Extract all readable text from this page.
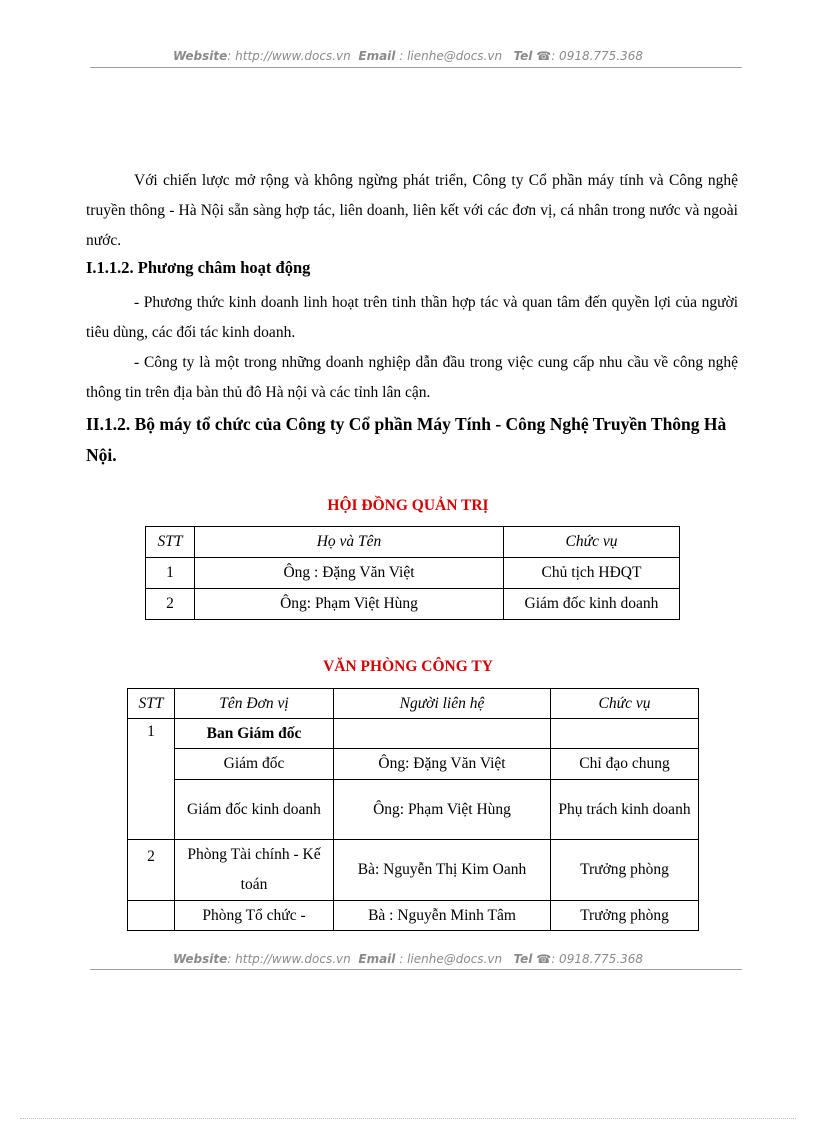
Website: http://www.docs.vn Email : lienhe@docs.vn Tel ☎: 0918.775.368

Với chiến lược mở rộng và không ngừng phát triển, Công ty Cổ phần máy tính và Công nghệ truyền thông - Hà Nội sẵn sàng hợp tác, liên doanh, liên kết với các đơn vị, cá nhân trong nước và ngoài nước.

I.1.1.2. Phương châm hoạt động

- Phương thức kinh doanh linh hoạt trên tinh thần hợp tác và quan tâm đến quyền lợi của người tiêu dùng, các đối tác kinh doanh.

- Công ty là một trong những doanh nghiệp dẫn đầu trong việc cung cấp nhu cầu về công nghệ thông tin trên địa bàn thủ đô Hà nội và các tỉnh lân cận.

II.1.2. Bộ máy tổ chức của Công ty Cổ phần Máy Tính - Công Nghệ Truyền Thông Hà Nội.

HỘI ĐỒNG QUẢN TRỊ

STT	Họ và Tên	Chức vụ
1	Ông : Đặng Văn Việt	Chủ tịch HĐQT
2	Ông: Phạm Việt Hùng	Giám đốc kinh doanh

VĂN PHÒNG CÔNG TY

STT	Tên Đơn vị	Người liên hệ	Chức vụ
1	Ban Giám đốc		
	Giám đốc	Ông: Đặng Văn Việt	Chỉ đạo chung
	Giám đốc kinh doanh	Ông: Phạm Việt Hùng	Phụ trách kinh doanh
2	Phòng Tài chính - Kế toán	Bà: Nguyễn Thị Kim Oanh	Trưởng phòng
	Phòng Tổ chức -	Bà : Nguyễn Minh Tâm	Trưởng phòng
Website: http://www.docs.vn Email : lienhe@docs.vn Tel ☎: 0918.775.368
